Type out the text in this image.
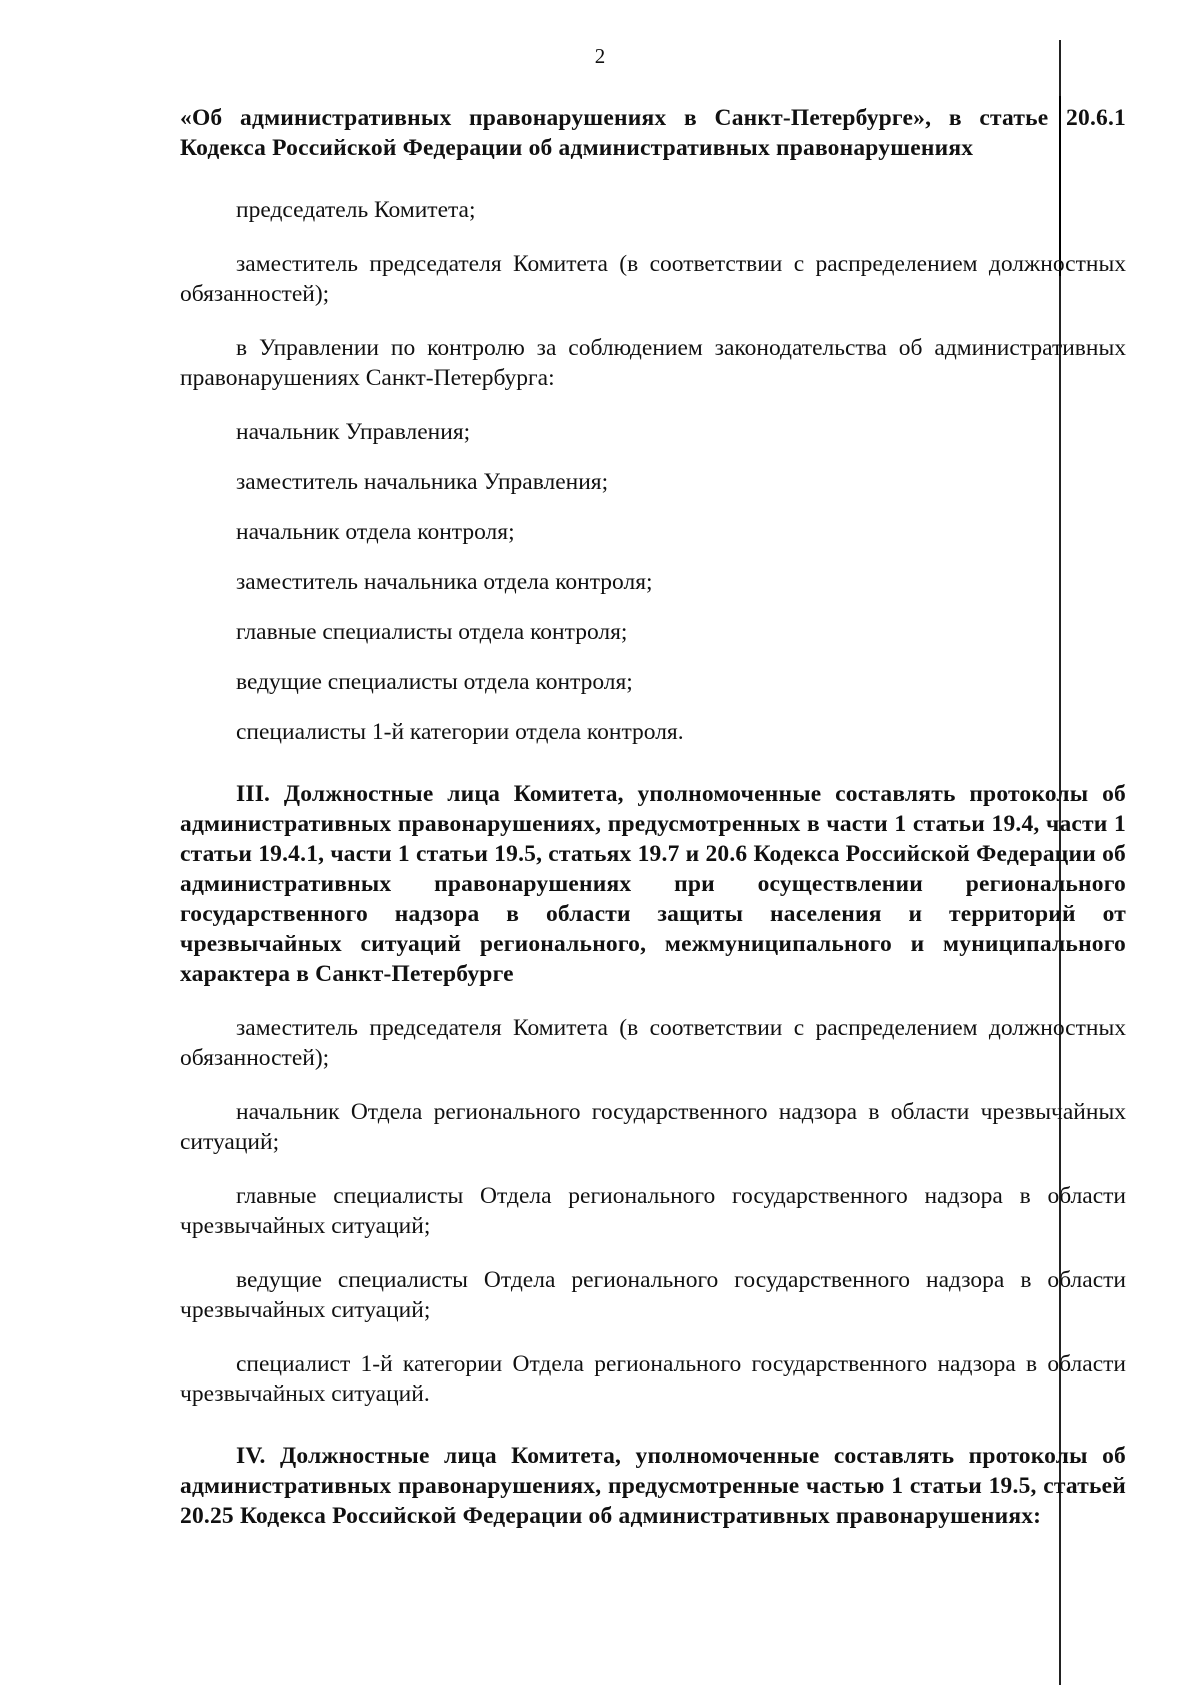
2

«Об административных правонарушениях в Санкт-Петербурге», в статье 20.6.1 Кодекса Российской Федерации об административных правонарушениях

председатель Комитета;

заместитель председателя Комитета (в соответствии с распределением должностных обязанностей);

в Управлении по контролю за соблюдением законодательства об административных правонарушениях Санкт-Петербурга:

начальник Управления;

заместитель начальника Управления;

начальник отдела контроля;

заместитель начальника отдела контроля;

главные специалисты отдела контроля;

ведущие специалисты отдела контроля;

специалисты 1-й категории отдела контроля.

III. Должностные лица Комитета, уполномоченные составлять протоколы об административных правонарушениях, предусмотренных в части 1 статьи 19.4, части 1 статьи 19.4.1, части 1 статьи 19.5, статьях 19.7 и 20.6 Кодекса Российской Федерации об административных правонарушениях при осуществлении регионального государственного надзора в области защиты населения и территорий от чрезвычайных ситуаций регионального, межмуниципального и муниципального характера в Санкт-Петербурге

заместитель председателя Комитета (в соответствии с распределением должностных обязанностей);

начальник Отдела регионального государственного надзора в области чрезвычайных ситуаций;

главные специалисты Отдела регионального государственного надзора в области чрезвычайных ситуаций;

ведущие специалисты Отдела регионального государственного надзора в области чрезвычайных ситуаций;

специалист 1-й категории Отдела регионального государственного надзора в области чрезвычайных ситуаций.

IV. Должностные лица Комитета, уполномоченные составлять протоколы об административных правонарушениях, предусмотренные частью 1 статьи 19.5, статьей 20.25 Кодекса Российской Федерации об административных правонарушениях:
